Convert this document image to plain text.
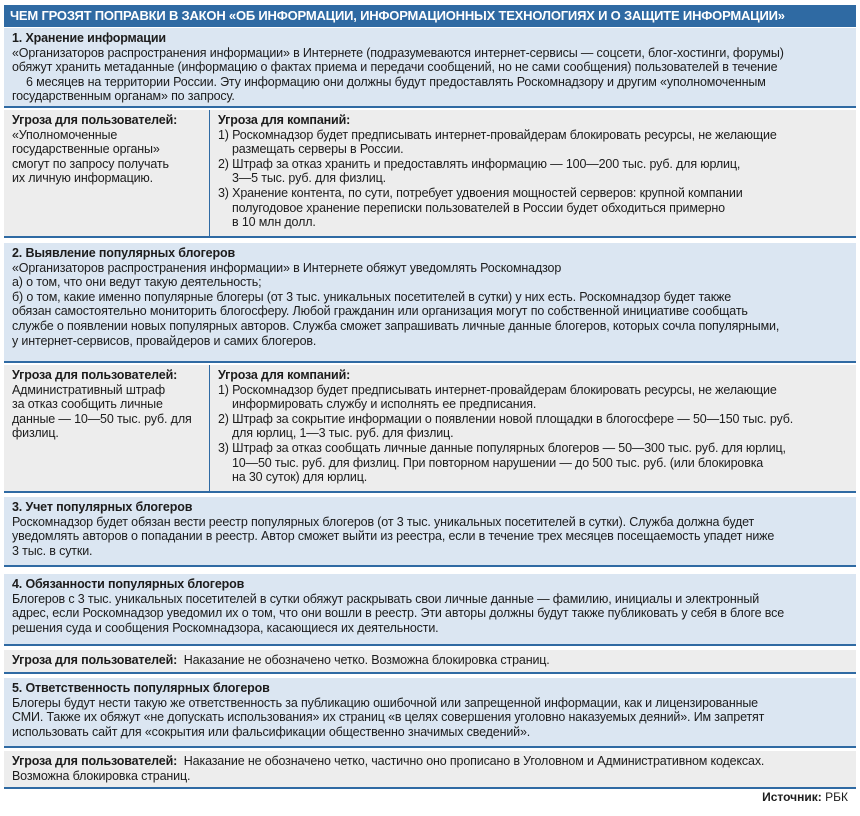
ЧЕМ ГРОЗЯТ ПОПРАВКИ В ЗАКОН «ОБ ИНФОРМАЦИИ, ИНФОРМАЦИОННЫХ ТЕХНОЛОГИЯХ И О ЗАЩИТЕ ИНФОРМАЦИИ»
1. Хранение информации
«Организаторов распространения информации» в Интернете (подразумеваются интернет-сервисы — соцсети, блог-хостинги, форумы)
обяжут хранить метаданные (информацию о фактах приема и передачи сообщений, но не сами сообщения) пользователей в течение
6 месяцев на территории России. Эту информацию они должны будут предоставлять Роскомнадзору и другим «уполномоченным
государственным органам» по запросу.
Угроза для пользователей:
«Уполномоченные
государственные органы»
смогут по запросу получать
их личную информацию.
Угроза для компаний:
1) Роскомнадзор будет предписывать интернет-провайдерам блокировать ресурсы, не желающие
размещать серверы в России.
2) Штраф за отказ хранить и предоставлять информацию — 100—200 тыс. руб. для юрлиц,
3—5 тыс. руб. для физлиц.
3) Хранение контента, по сути, потребует удвоения мощностей серверов: крупной компании
полугодовое хранение переписки пользователей в России будет обходиться примерно
в 10 млн долл.
2. Выявление популярных блогеров
«Организаторов распространения информации» в Интернете обяжут уведомлять Роскомнадзор
а) о том, что они ведут такую деятельность;
б) о том, какие именно популярные блогеры (от 3 тыс. уникальных посетителей в сутки) у них есть. Роскомнадзор будет также
обязан самостоятельно мониторить блогосферу. Любой гражданин или организация могут по собственной инициативе сообщать
службе о появлении новых популярных авторов. Служба сможет запрашивать личные данные блогеров, которых сочла популярными,
у интернет-сервисов, провайдеров и самих блогеров.
Угроза для пользователей:
Административный штраф
за отказ сообщить личные
данные — 10—50 тыс. руб. для
физлиц.
Угроза для компаний:
1) Роскомнадзор будет предписывать интернет-провайдерам блокировать ресурсы, не желающие
информировать службу и исполнять ее предписания.
2) Штраф за сокрытие информации о появлении новой площадки в блогосфере — 50—150 тыс. руб.
для юрлиц, 1—3 тыс. руб. для физлиц.
3) Штраф за отказ сообщать личные данные популярных блогеров — 50—300 тыс. руб. для юрлиц,
10—50 тыс. руб. для физлиц. При повторном нарушении — до 500 тыс. руб. (или блокировка
на 30 суток) для юрлиц.
3. Учет популярных блогеров
Роскомнадзор будет обязан вести реестр популярных блогеров (от 3 тыс. уникальных посетителей в сутки). Служба должна будет
уведомлять авторов о попадании в реестр. Автор сможет выйти из реестра, если в течение трех месяцев посещаемость упадет ниже
3 тыс. в сутки.
4. Обязанности популярных блогеров
Блогеров с 3 тыс. уникальных посетителей в сутки обяжут раскрывать свои личные данные — фамилию, инициалы и электронный
адрес, если Роскомнадзор уведомил их о том, что они вошли в реестр. Эти авторы должны будут также публиковать у себя в блоге все
решения суда и сообщения Роскомнадзора, касающиеся их деятельности.
Угроза для пользователей: Наказание не обозначено четко. Возможна блокировка страниц.
5. Ответственность популярных блогеров
Блогеры будут нести такую же ответственность за публикацию ошибочной или запрещенной информации, как и лицензированные
СМИ. Также их обяжут «не допускать использования» их страниц «в целях совершения уголовно наказуемых деяний». Им запретят
использовать сайт для «сокрытия или фальсификации общественно значимых сведений».
Угроза для пользователей: Наказание не обозначено четко, частично оно прописано в Уголовном и Административном кодексах.
Возможна блокировка страниц.
Источник: РБК
